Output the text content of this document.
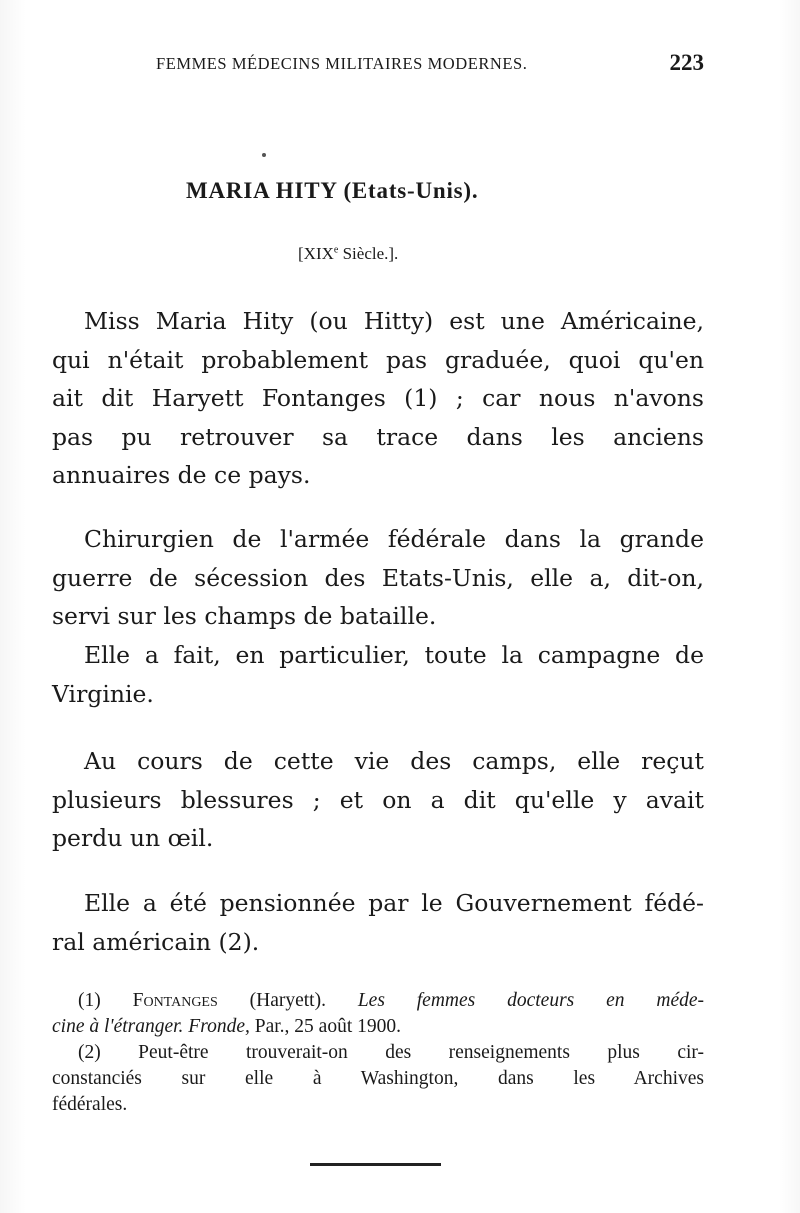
FEMMES MÉDECINS MILITAIRES MODERNES.	223
MARIA HITY (Etats-Unis).
[XIXe Siècle.].
Miss Maria Hity (ou Hitty) est une Américaine,
qui n'était probablement pas graduée, quoi qu'en
ait dit Haryett Fontanges (1) ; car nous n'avons
pas pu retrouver sa trace dans les anciens
annuaires de ce pays.
Chirurgien de l'armée fédérale dans la grande
guerre de sécession des Etats-Unis, elle a, dit-on,
servi sur les champs de bataille.
Elle a fait, en particulier, toute la campagne de
Virginie.
Au cours de cette vie des camps, elle reçut
plusieurs blessures ; et on a dit qu'elle y avait
perdu un œil.
Elle a été pensionnée par le Gouvernement fédé-
ral américain (2).
(1) Fontanges (Haryett). Les femmes docteurs en méde-
cine à l'étranger. Fronde, Par., 25 août 1900.
(2) Peut-être trouverait-on des renseignements plus cir-
constanciés sur elle à Washington, dans les Archives
fédérales.
